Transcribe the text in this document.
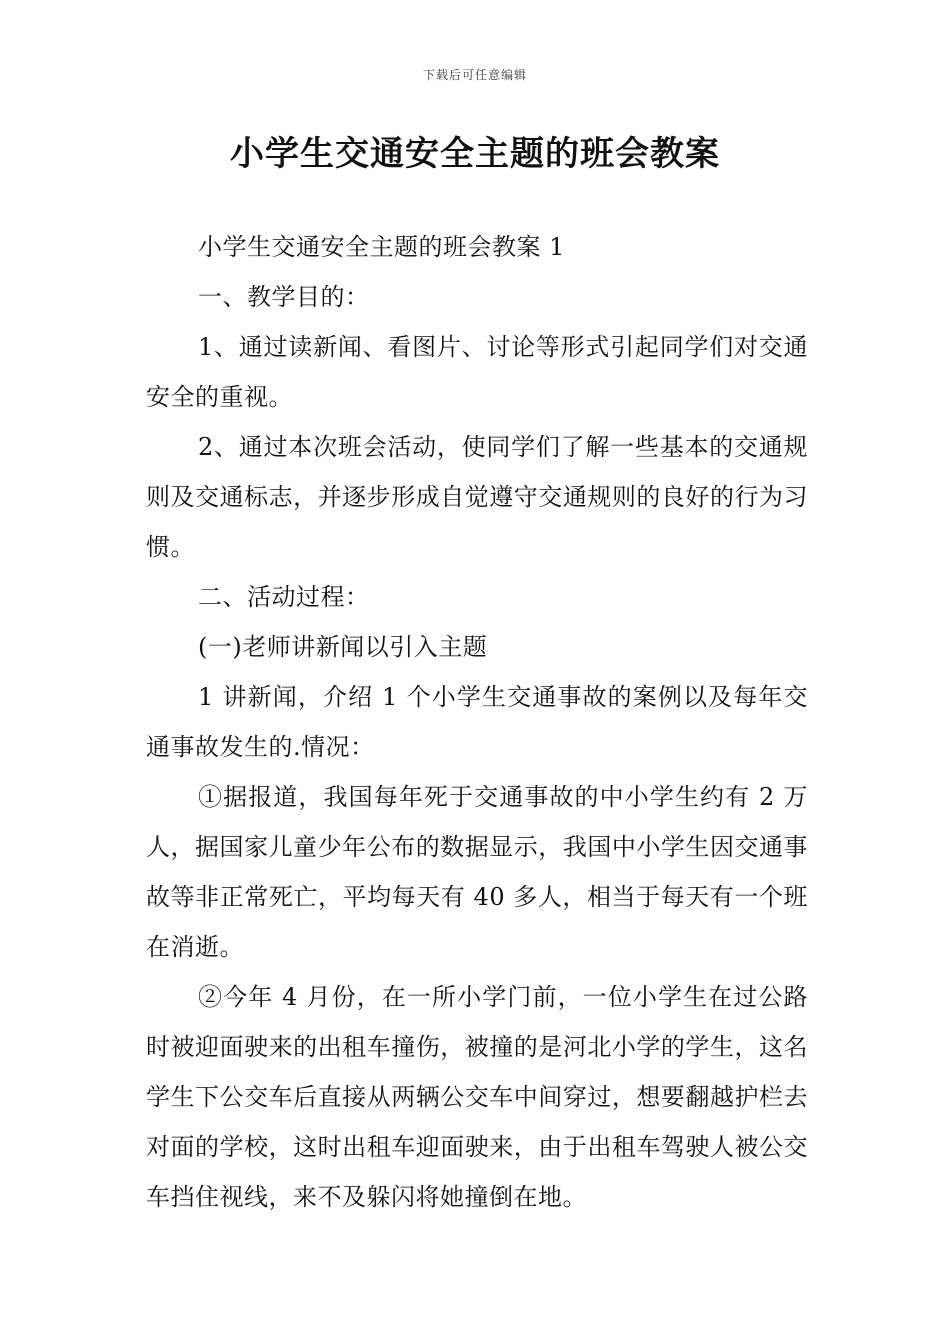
下载后可任意编辑
小学生交通安全主题的班会教案

小学生交通安全主题的班会教案 1

一、教学目的：

1、通过读新闻、看图片、讨论等形式引起同学们对交通安全的重视。

2、通过本次班会活动，使同学们了解一些基本的交通规则及交通标志，并逐步形成自觉遵守交通规则的良好的行为习惯。

二、活动过程：

(一)老师讲新闻以引入主题

1 讲新闻，介绍 1 个小学生交通事故的案例以及每年交通事故发生的.情况：

①据报道，我国每年死于交通事故的中小学生约有 2 万人，据国家儿童少年公布的数据显示，我国中小学生因交通事故等非正常死亡，平均每天有 40 多人，相当于每天有一个班在消逝。

②今年 4 月份，在一所小学门前，一位小学生在过公路时被迎面驶来的出租车撞伤，被撞的是河北小学的学生，这名学生下公交车后直接从两辆公交车中间穿过，想要翻越护栏去对面的学校，这时出租车迎面驶来，由于出租车驾驶人被公交车挡住视线，来不及躲闪将她撞倒在地。
